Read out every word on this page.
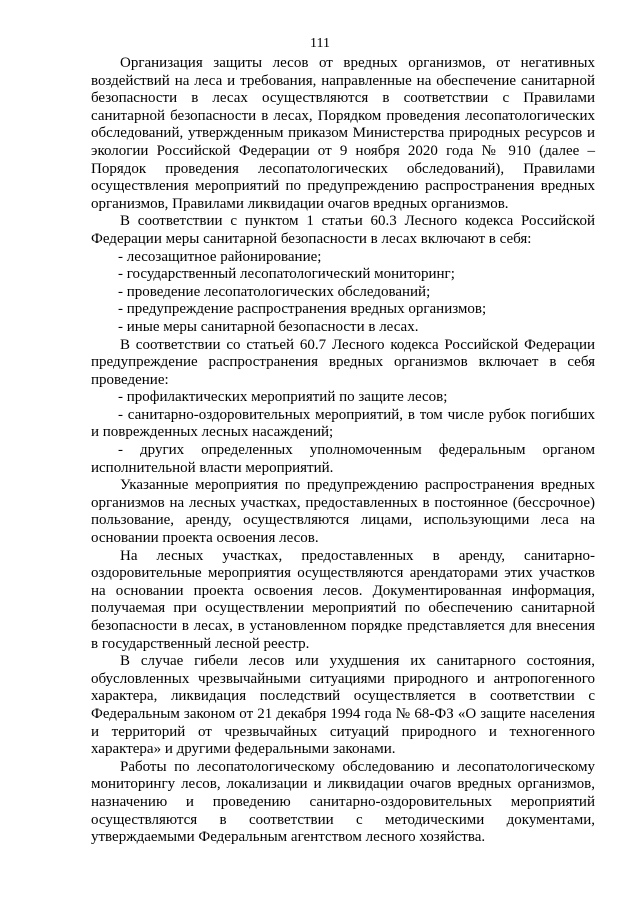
111

Организация защиты лесов от вредных организмов, от негативных воздействий на леса и требования, направленные на обеспечение санитарной безопасности в лесах осуществляются в соответствии с Правилами санитарной безопасности в лесах, Порядком проведения лесопатологических обследований, утвержденным приказом Министерства природных ресурсов и экологии Российской Федерации от 9 ноября 2020 года № 910 (далее – Порядок проведения лесопатологических обследований), Правилами осуществления мероприятий по предупреждению распространения вредных организмов, Правилами ликвидации очагов вредных организмов.

В соответствии с пунктом 1 статьи 60.3 Лесного кодекса Российской Федерации меры санитарной безопасности в лесах включают в себя:

- лесозащитное районирование;

- государственный лесопатологический мониторинг;

- проведение лесопатологических обследований;

- предупреждение распространения вредных организмов;

- иные меры санитарной безопасности в лесах.

В соответствии со статьей 60.7 Лесного кодекса Российской Федерации предупреждение распространения вредных организмов включает в себя проведение:

- профилактических мероприятий по защите лесов;

- санитарно-оздоровительных мероприятий, в том числе рубок погибших и поврежденных лесных насаждений;

- других определенных уполномоченным федеральным органом исполнительной власти мероприятий.

Указанные мероприятия по предупреждению распространения вредных организмов на лесных участках, предоставленных в постоянное (бессрочное) пользование, аренду, осуществляются лицами, использующими леса на основании проекта освоения лесов.

На лесных участках, предоставленных в аренду, санитарно-оздоровительные мероприятия осуществляются арендаторами этих участков на основании проекта освоения лесов. Документированная информация, получаемая при осуществлении мероприятий по обеспечению санитарной безопасности в лесах, в установленном порядке представляется для внесения в государственный лесной реестр.

В случае гибели лесов или ухудшения их санитарного состояния, обусловленных чрезвычайными ситуациями природного и антропогенного характера, ликвидация последствий осуществляется в соответствии с Федеральным законом от 21 декабря 1994 года № 68-ФЗ «О защите населения и территорий от чрезвычайных ситуаций природного и техногенного характера» и другими федеральными законами.

Работы по лесопатологическому обследованию и лесопатологическому мониторингу лесов, локализации и ликвидации очагов вредных организмов, назначению и проведению санитарно-оздоровительных мероприятий осуществляются в соответствии с методическими документами, утверждаемыми Федеральным агентством лесного хозяйства.
